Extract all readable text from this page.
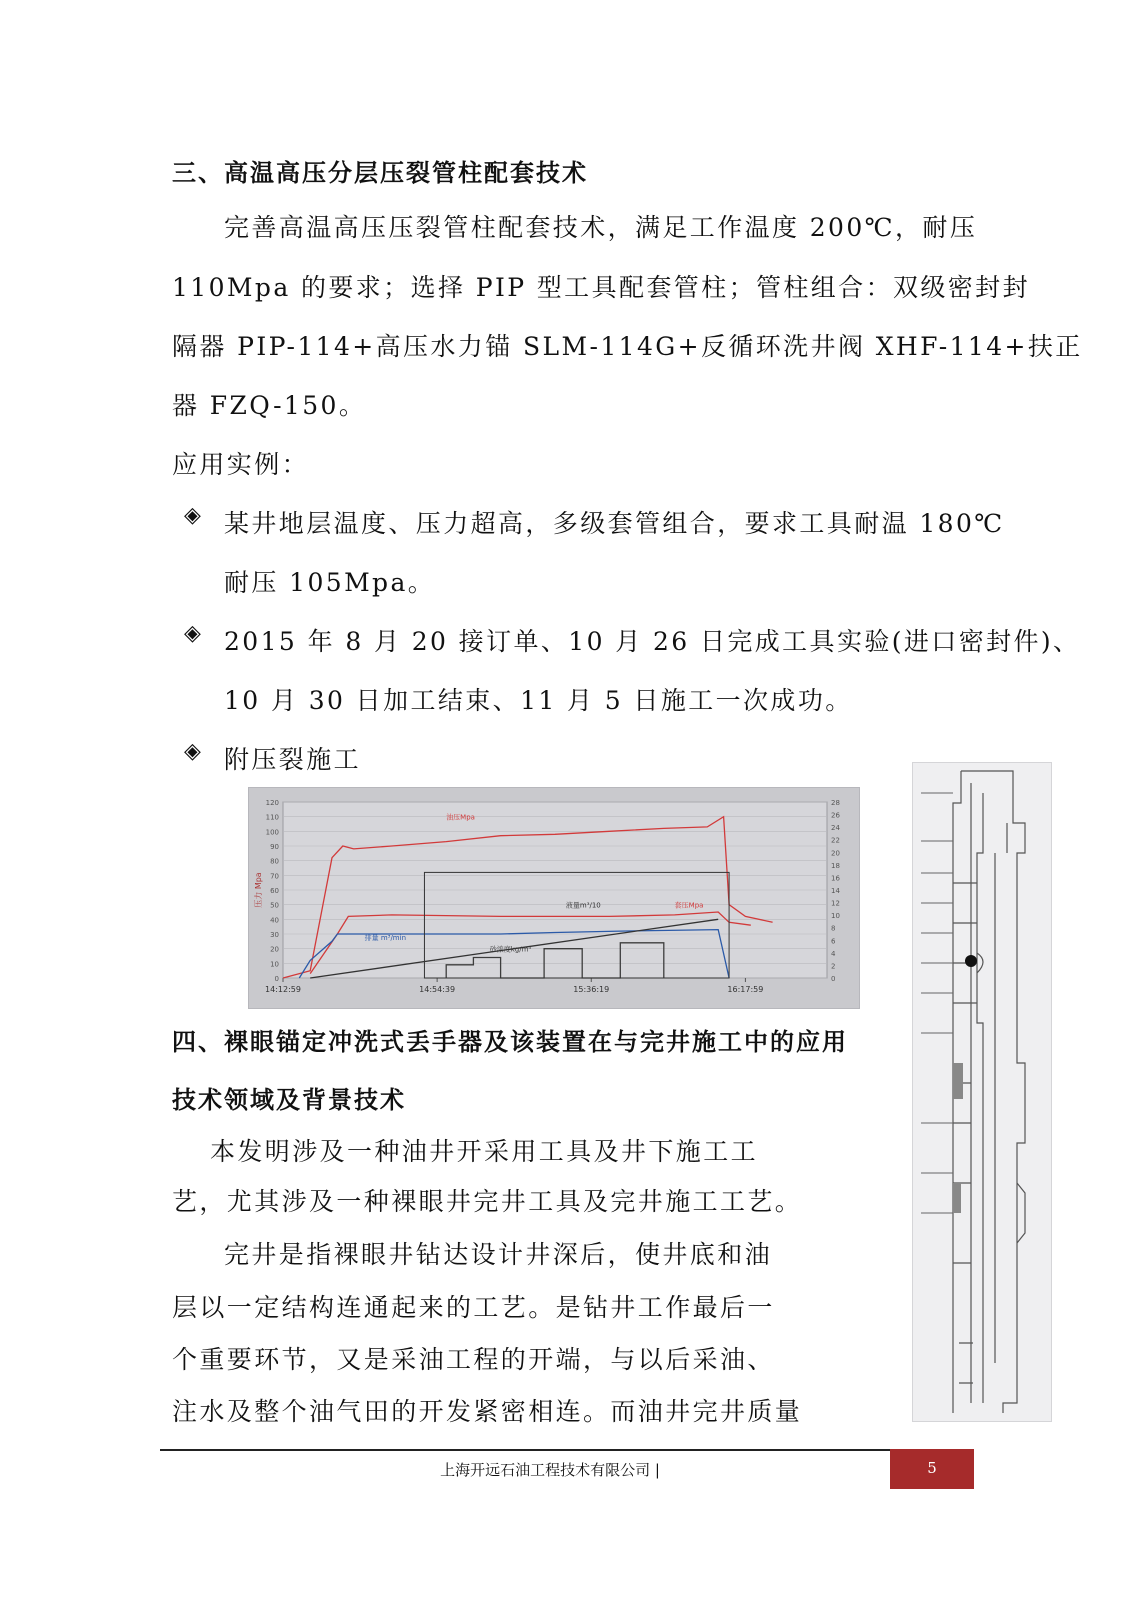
三、高温高压分层压裂管柱配套技术
完善高温高压压裂管柱配套技术，满足工作温度 200℃，耐压
110Mpa 的要求；选择 PIP 型工具配套管柱；管柱组合：双级密封封
隔器 PIP-114+高压水力锚 SLM-114G+反循环洗井阀 XHF-114+扶正
器 FZQ-150。
应用实例：
◈ 某井地层温度、压力超高，多级套管组合，要求工具耐温 180℃
耐压 105Mpa。
◈ 2015 年 8 月 20 接订单、10 月 26 日完成工具实验(进口密封件)、
10 月 30 日加工结束、11 月 5 日施工一次成功。
◈ 附压裂施工
0
10
20
30
40
50
60
70
80
90
100
110
120
0
2
4
6
8
10
12
14
16
18
20
22
24
26
28
压力 Mpa
14:12:59	14:54:39	15:36:19	16:17:59
油压Mpa
套压Mpa
排量 m³/min
砂浓度kg/m³
液量m³/10
四、裸眼锚定冲洗式丢手器及该装置在与完井施工中的应用
技术领域及背景技术
本发明涉及一种油井开采用工具及井下施工工
艺，尤其涉及一种裸眼井完井工具及完井施工工艺。
完井是指裸眼井钻达设计井深后，使井底和油
层以一定结构连通起来的工艺。是钻井工作最后一
个重要环节，又是采油工程的开端，与以后采油、
注水及整个油气田的开发紧密相连。而油井完井质量
上海开远石油工程技术有限公司 |	5
